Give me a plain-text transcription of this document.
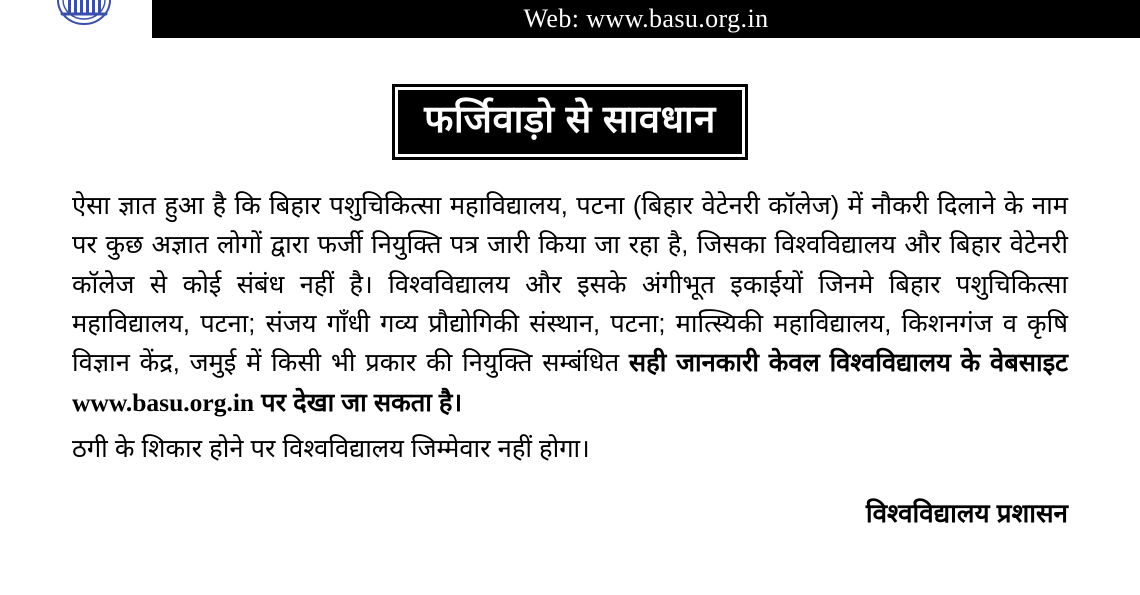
Web: www.basu.org.in
फर्जिवाड़ो से सावधान

ऐसा ज्ञात हुआ है कि बिहार पशुचिकित्सा महाविद्यालय, पटना (बिहार वेटेनरी कॉलेज) में नौकरी दिलाने के नाम पर कुछ अज्ञात लोगों द्वारा फर्जी नियुक्ति पत्र जारी किया जा रहा है, जिसका विश्वविद्यालय और बिहार वेटेनरी कॉलेज से कोई संबंध नहीं है। विश्वविद्यालय और इसके अंगीभूत इकाईयों जिनमे बिहार पशुचिकित्सा महाविद्यालय, पटना; संजय गाँधी गव्य प्रौद्योगिकी संस्थान, पटना; मात्स्यिकी महाविद्यालय, किशनगंज व कृषि विज्ञान केंद्र, जमुई में किसी भी प्रकार की नियुक्ति सम्बंधित सही जानकारी केवल विश्वविद्यालय के वेबसाइट www.basu.org.in पर देखा जा सकता है।

ठगी के शिकार होने पर विश्वविद्यालय जिम्मेवार नहीं होगा।

विश्वविद्यालय प्रशासन
